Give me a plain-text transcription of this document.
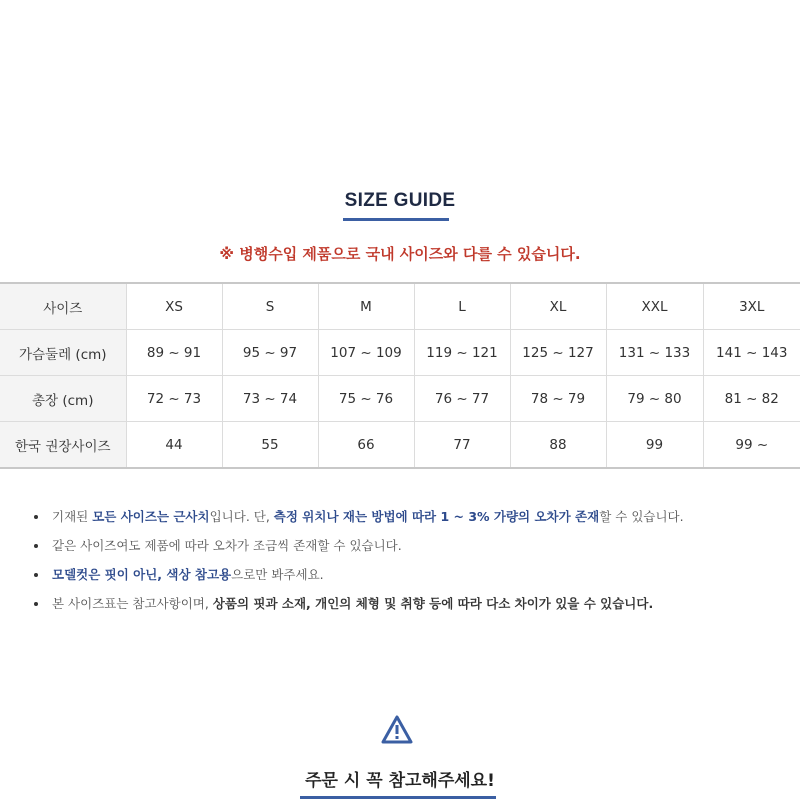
SIZE GUIDE
※ 병행수입 제품으로 국내 사이즈와 다를 수 있습니다.
사이즈	XS	S	M	L	XL	XXL	3XL
가슴둘레 (cm)	89 ~ 91	95 ~ 97	107 ~ 109	119 ~ 121	125 ~ 127	131 ~ 133	141 ~ 143
총장 (cm)	72 ~ 73	73 ~ 74	75 ~ 76	76 ~ 77	78 ~ 79	79 ~ 80	81 ~ 82
한국 권장사이즈	44	55	66	77	88	99	99 ~
기재된 모든 사이즈는 근사치입니다. 단, 측정 위치나 재는 방법에 따라 1 ~ 3% 가량의 오차가 존재할 수 있습니다.
같은 사이즈여도 제품에 따라 오차가 조금씩 존재할 수 있습니다.
모델컷은 핏이 아닌, 색상 참고용으로만 봐주세요.
본 사이즈표는 참고사항이며, 상품의 핏과 소재, 개인의 체형 및 취향 등에 따라 다소 차이가 있을 수 있습니다.
주문 시 꼭 참고해주세요!
